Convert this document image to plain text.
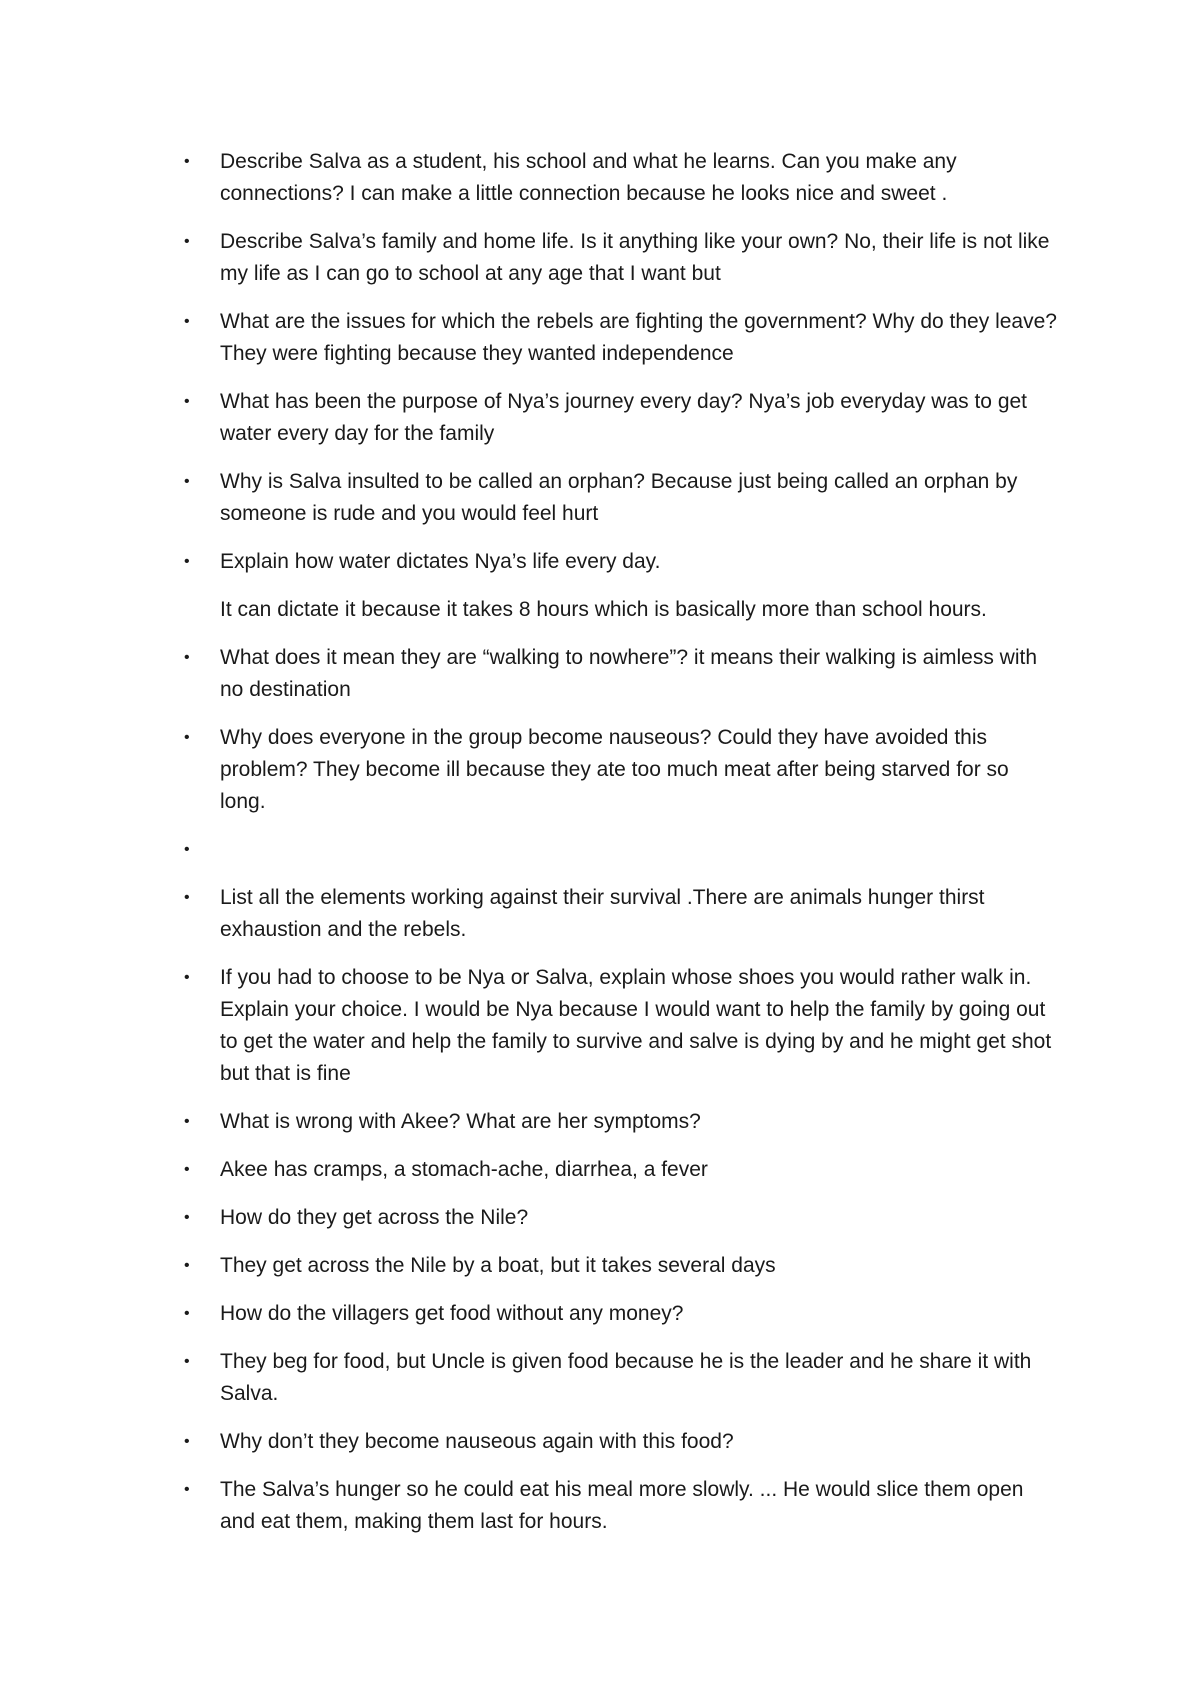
• Describe Salva as a student, his school and what he learns. Can you make any connections? I can make a little connection because he looks nice and sweet .
• Describe Salva’s family and home life. Is it anything like your own? No, their life is not like my life as I can go to school at any age that I want but
• What are the issues for which the rebels are fighting the government? Why do they leave? They were fighting because they wanted independence
• What has been the purpose of Nya’s journey every day? Nya’s job everyday was to get water every day for the family
• Why is Salva insulted to be called an orphan? Because just being called an orphan by someone is rude and you would feel hurt
• Explain how water dictates Nya’s life every day.
It can dictate it because it takes 8 hours which is basically more than school hours.
• What does it mean they are “walking to nowhere”? it means their walking is aimless with no destination
• Why does everyone in the group become nauseous? Could they have avoided this problem? They become ill because they ate too much meat after being starved for so long.
•
• List all the elements working against their survival .There are animals hunger thirst exhaustion and the rebels.
• If you had to choose to be Nya or Salva, explain whose shoes you would rather walk in. Explain your choice. I would be Nya because I would want to help the family by going out to get the water and help the family to survive and salve is dying by and he might get shot but that is fine
• What is wrong with Akee? What are her symptoms?
• Akee has cramps, a stomach-ache, diarrhea, a fever
• How do they get across the Nile?
• They get across the Nile by a boat, but it takes several days
• How do the villagers get food without any money?
• They beg for food, but Uncle is given food because he is the leader and he share it with Salva.
• Why don’t they become nauseous again with this food?
• The Salva’s hunger so he could eat his meal more slowly. ... He would slice them open and eat them, making them last for hours.
